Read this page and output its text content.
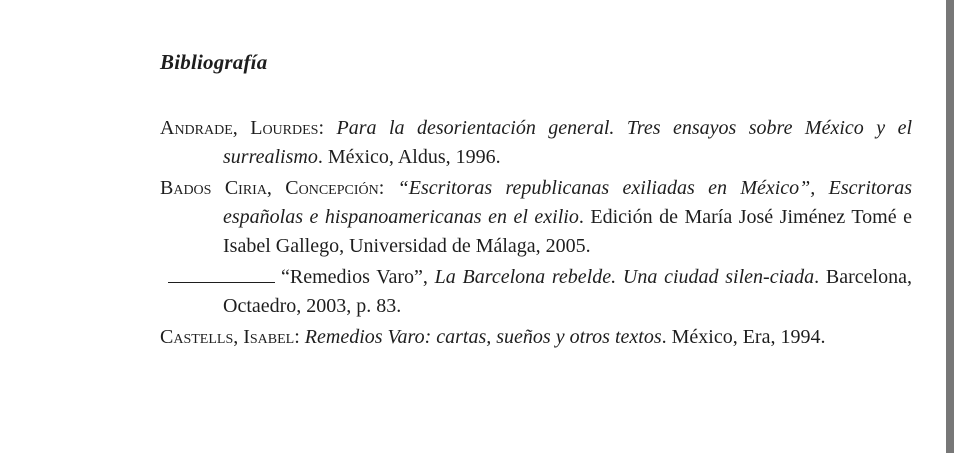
Bibliografía
Andrade, Lourdes: Para la desorientación general. Tres ensayos sobre México y el surrealismo. México, Aldus, 1996.
Bados Ciria, Concepción: “Escritoras republicanas exiliadas en México”, Escritoras españolas e hispanoamericanas en el exilio. Edición de María José Jiménez Tomé e Isabel Gallego, Universidad de Málaga, 2005.
“Remedios Varo”, La Barcelona rebelde. Una ciudad silen-ciada. Barcelona, Octaedro, 2003, p. 83.
Castells, Isabel: Remedios Varo: cartas, sueños y otros textos. México, Era, 1994.
